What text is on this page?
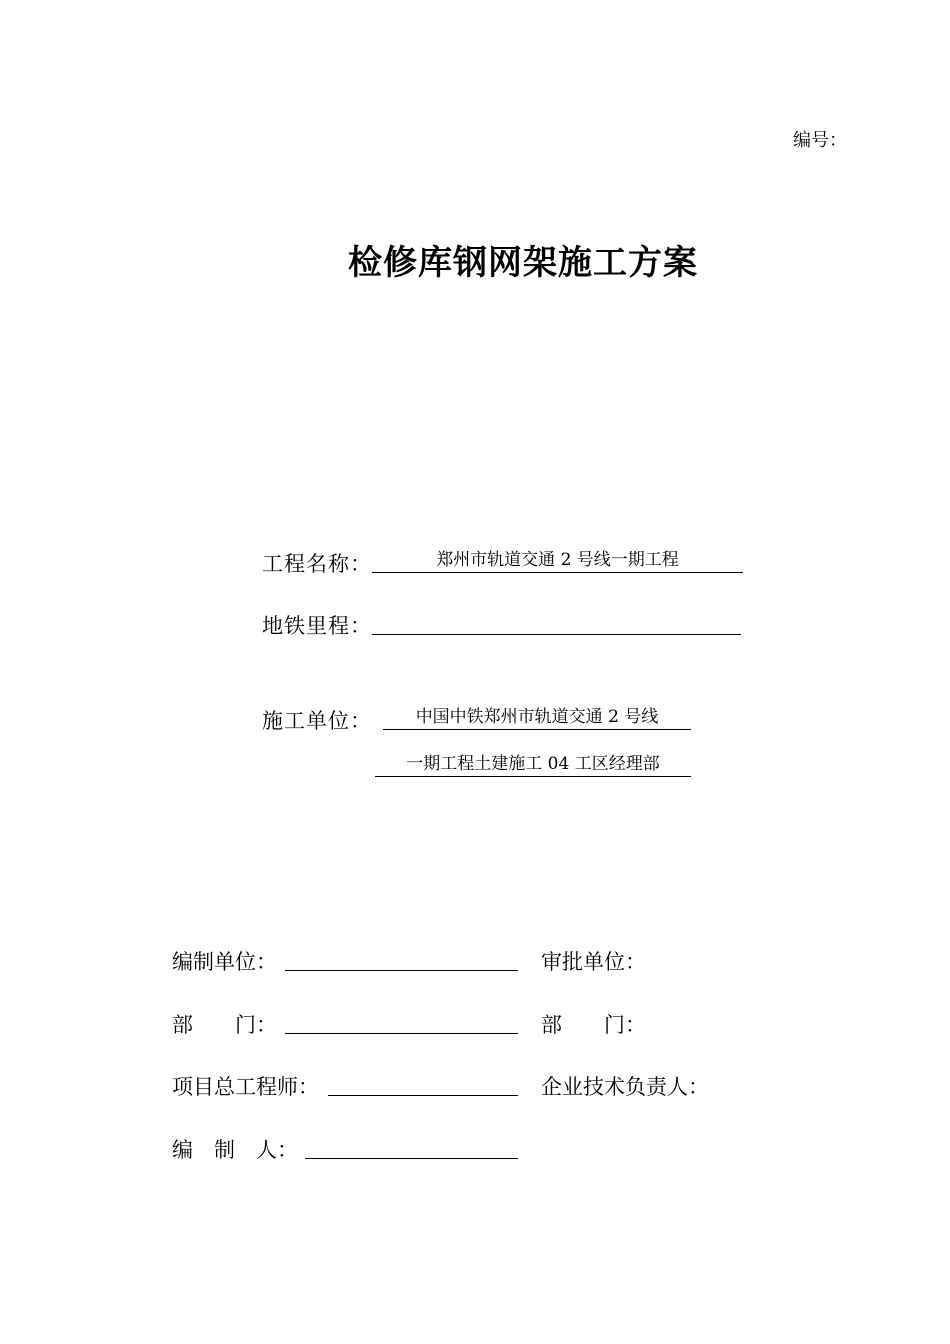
编号：
检修库钢网架施工方案
工程名称：	郑州市轨道交通 2 号线一期工程
地铁里程：
施工单位：	中国中铁郑州市轨道交通 2 号线
一期工程土建施工 04 工区经理部
编制单位：	审批单位：
部　　门：	部　　门：
项目总工程师：	企业技术负责人：
编　制　人：
